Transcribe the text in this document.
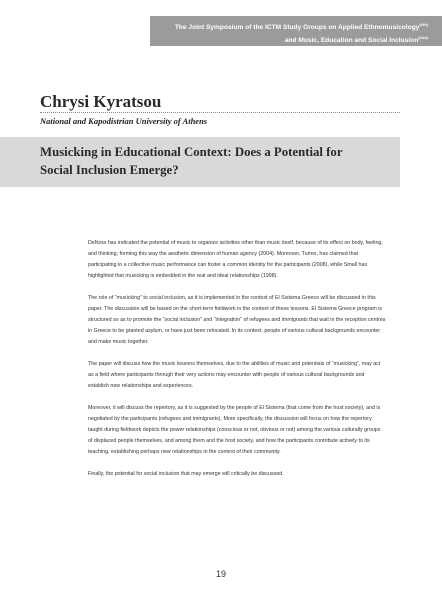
The Joint Symposium of the ICTM Study Groups on Applied Ethnomusicology$^{(6th)}$
and Music, Education and Social Inclusion$^{(2nd)}$
Chrysi Kyratsou

National and Kapodistrian University of Athens

Musicking in Educational Context: Does a Potential for
Social Inclusion Emerge?

DeNora has indicated the potential of music to organize activities other than music itself, because of its effect on body, feeling, and thinking, forming this way the aesthetic dimension of human agency (2004). Moreover, Turino, has claimed that participating in a collective music performance can foster a common identity for the participants (2008), while Small has highlighted that musicking is embedded in the real and ideal relationships (1998).

The role of “musicking” to social inclusion, as it is implemented in the context of El Sistema Greece will be discussed in this paper. The discussion will be based on the short-term fieldwork in the context of these lessons. El Sistema Greece program is structured so as to promote the “social inclusion” and “integration” of refugees and immigrants that wait in the reception centres in Greece to be granted asylum, or have just been relocated. In its context, people of various cultural backgrounds encounter and make music together.

The paper will discuss how the music lessons themselves, due to the abilities of music and potentials of “musicking”, may act as a field where participants through their very actions may encounter with people of various cultural backgrounds and establish new relationships and experiences.

Moreover, it will discuss the repertory, as it is suggested by the people of El Sistema (that come from the host society), and is negotiated by the participants (refugees and immigrants). More specifically, the discussion will focus on how the repertory taught during fieldwork depicts the power relationships (conscious or not, obvious or not) among the various culturally groups of displaced people themselves, and among them and the host society, and how the participants contribute actively to its teaching, establishing perhaps new relationships in the context of their community.

Finally, the potential for social inclusion that may emerge will critically be discussed.

19
